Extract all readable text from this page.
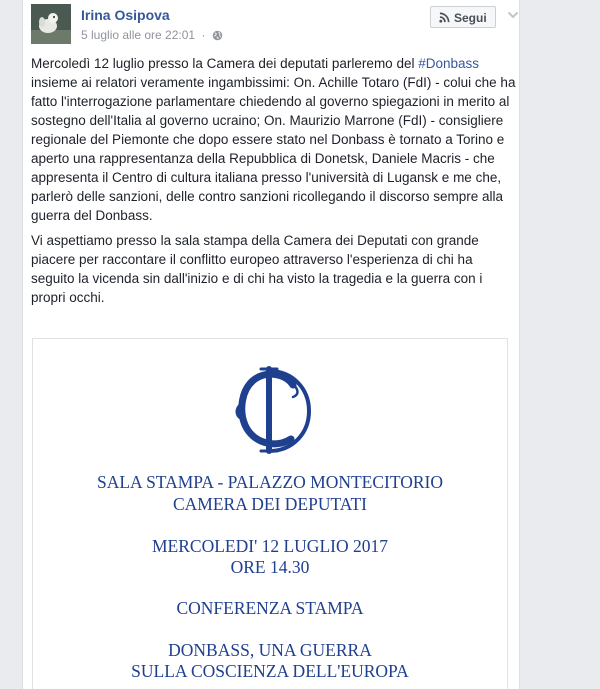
Irina Osipova
5 luglio alle ore 22:01 ·
Segui

Mercoledì 12 luglio presso la Camera dei deputati parleremo del #Donbass insieme ai relatori veramente ingambissimi: On. Achille Totaro (FdI) - colui che ha fatto l'interrogazione parlamentare chiedendo al governo spiegazioni in merito al sostegno dell'Italia al governo ucraino; On. Maurizio Marrone (FdI) - consigliere regionale del Piemonte che dopo essere stato nel Donbass è tornato a Torino e aperto una rappresentanza della Repubblica di Donetsk, Daniele Macris - che appresenta il Centro di cultura italiana presso l'università di Lugansk e me che, parlerò delle sanzioni, delle contro sanzioni ricollegando il discorso sempre alla guerra del Donbass.

Vi aspettiamo presso la sala stampa della Camera dei Deputati con grande piacere per raccontare il conflitto europeo attraverso l'esperienza di chi ha seguito la vicenda sin dall'inizio e di chi ha visto la tragedia e la guerra con i propri occhi.

SALA STAMPA - PALAZZO MONTECITORIO
CAMERA DEI DEPUTATI
MERCOLEDI' 12 LUGLIO 2017
ORE 14.30
CONFERENZA STAMPA
DONBASS, UNA GUERRA
SULLA COSCIENZA DELL'EUROPA
